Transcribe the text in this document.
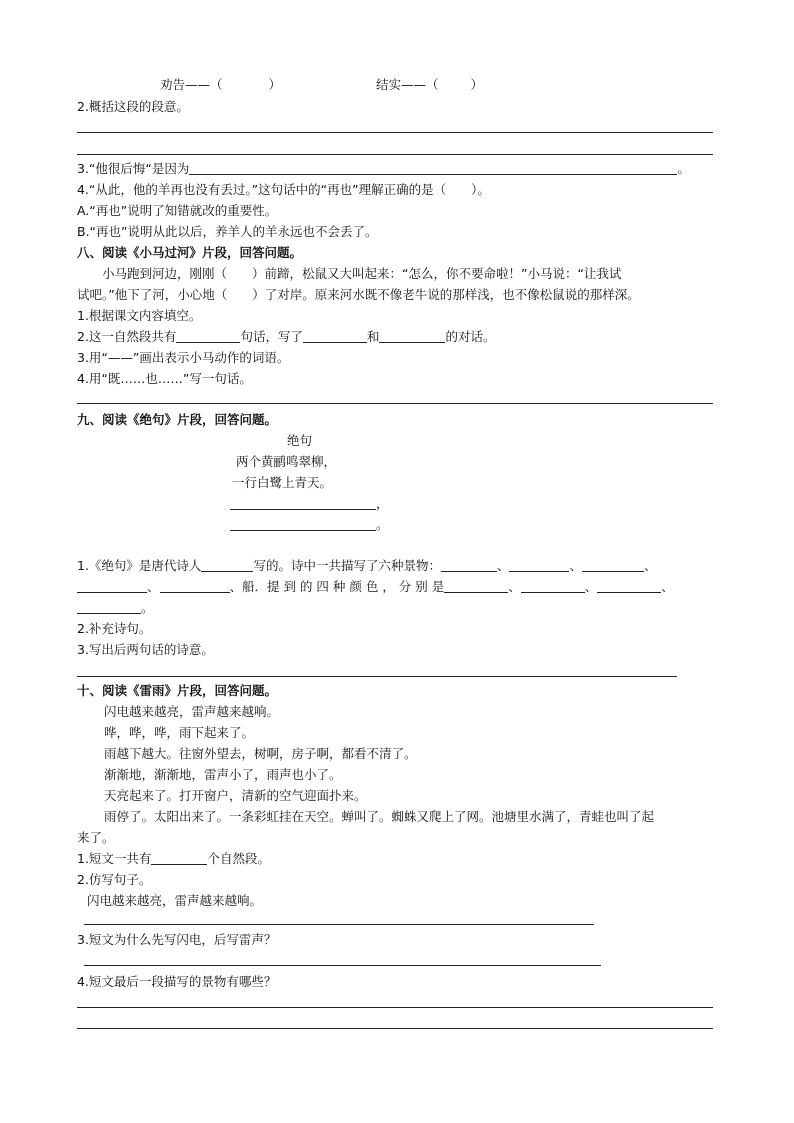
劝告——（	）	结实——（	）
2.概括这段的段意。
3.“他很后悔“是因为	。
4.“从此，他的羊再也没有丢过。”这句话中的“再也”理解正确的是（　　）。
A.“再也”说明了知错就改的重要性。
B.“再也”说明从此以后，养羊人的羊永远也不会丢了。
八、阅读《小马过河》片段，回答问题。
小马跑到河边，刚刚（　　）前蹄，松鼠又大叫起来：“怎么，你不要命啦！”小马说：“让我试
试吧。”他下了河，小心地（　　）了对岸。原来河水既不像老牛说的那样浅，也不像松鼠说的那样深。
1.根据课文内容填空。
2.这一自然段共有	句话，写了	和	的对话。
3.用“——”画出表示小马动作的词语。
4.用“既……也……”写一句话。
九、阅读《绝句》片段，回答问题。
绝句
两个黄鹂鸣翠柳，
一行白鹭上青天。
，
。
1.《绝句》是唐代诗人	写的。诗中一共描写了六种景物：	、	、	、
、	、船．提 到 的 四 种 颜 色 ， 分 别 是	、	、	、
。
2.补充诗句。
3.写出后两句话的诗意。
十、阅读《雷雨》片段，回答问题。
闪电越来越亮，雷声越来越响。
哗，哗，哗，雨下起来了。
雨越下越大。往窗外望去，树啊，房子啊，都看不清了。
渐渐地，渐渐地，雷声小了，雨声也小了。
天亮起来了。打开窗户，清新的空气迎面扑来。
雨停了。太阳出来了。一条彩虹挂在天空。蝉叫了。蜘蛛又爬上了网。池塘里水满了，青蛙也叫了起
来了。
1.短文一共有	个自然段。
2.仿写句子。
闪电越来越亮，雷声越来越响。
3.短文为什么先写闪电，后写雷声？
4.短文最后一段描写的景物有哪些？
